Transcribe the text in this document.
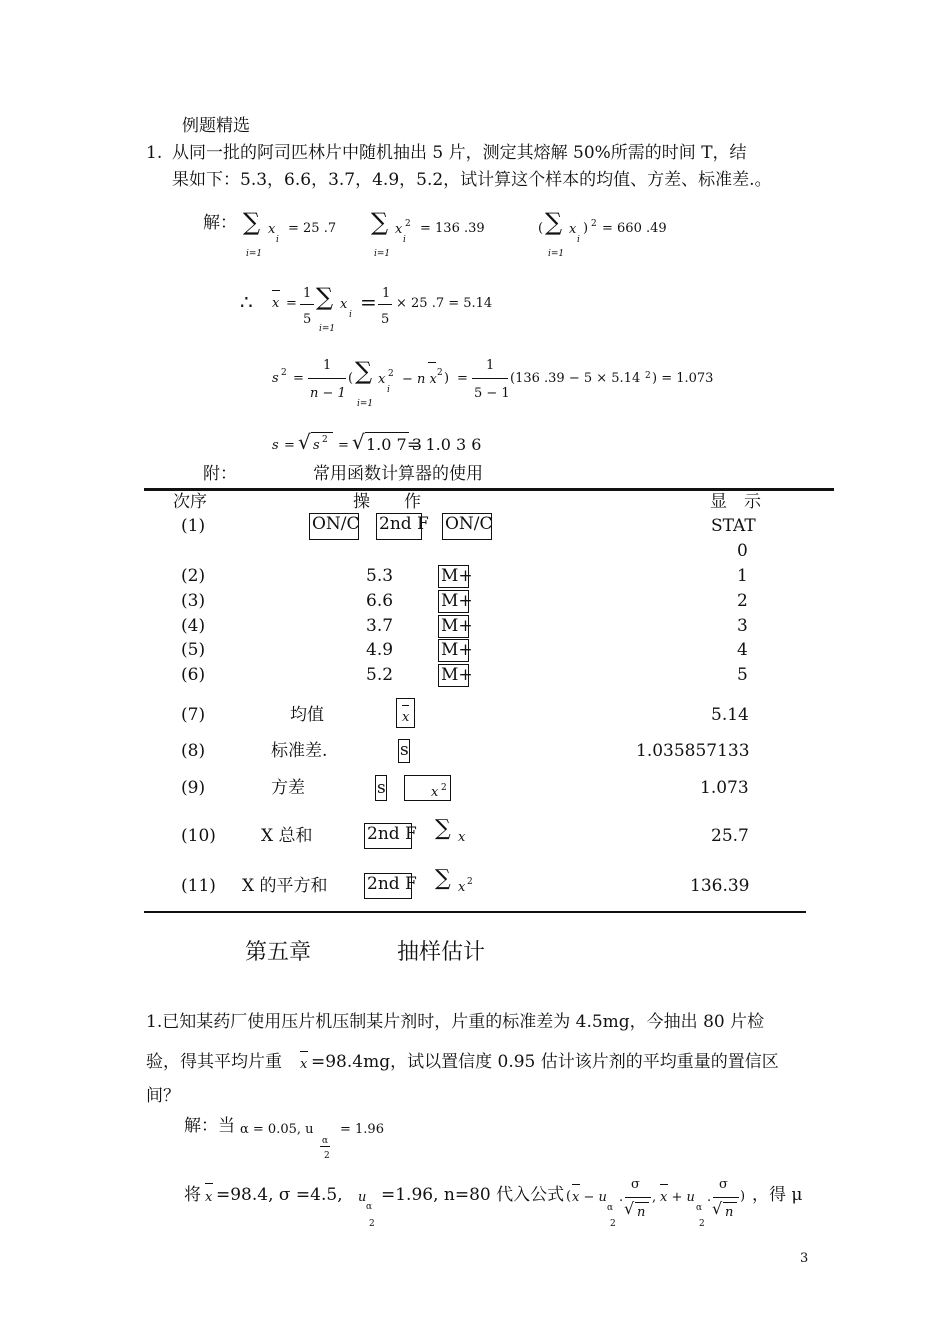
例题精选
1. 从同一批的阿司匹林片中随机抽出 5 片，测定其熔解 50%所需的时间 T，结
果如下：5.3，6.6，3.7，4.9，5.2，试计算这个样本的均值、方差、标准差.。
解： ∑ x
i
= 25 .7
i=1
∑ x 2
i
= 136 .39
i=1
( ∑ x
i
) 2 = 660 .49
i=1
∴ x =
1
5
∑ x
i
i=1
= 1
5
× 25 .7 = 5.14
s 2 =
1
n − 1
( ∑ x 2
i
i=1
− n x 2 ) =
1
5 − 1
(136 .39 − 5 × 5.14 2 ) = 1.073
s = √ s 2 = √ 1.0 7 3
= 1.0 3 6
附：	常用函数计算器的使用
次序	操　　作	显　示
(1)	ON/C 2nd F ON/C	STAT
0
(2)	5.3	M+	1
(3)	6.6	M+	2
(4)	3.7	M+	3
(5)	4.9	M+	4
(6)	5.2	M+	5
(7)	均值	x	5.14
(8)	标准差.	s	1.035857133
(9)	方差	s	x 2	1.073
(10)	X 总和	2nd F ∑ x	25.7
(11) X 的平方和 2nd F ∑ x 2	136.39
第五章	抽样估计
1.已知某药厂使用压片机压制某片剂时，片重的标准差为 4.5mg，今抽出 80 片检
验，得其平均片重 x =98.4mg，试以置信度 0.95 估计该片剂的平均重量的置信区
间？
解：当 α = 0.05, u
α
2
= 1.96
将 x =98.4, σ =4.5, u
α
2
=1.96, n=80 代入公式 ( x − u
α
2
.
σ
√ n
, x + u
α
2
.
σ
√ n
) ，得 μ
3
